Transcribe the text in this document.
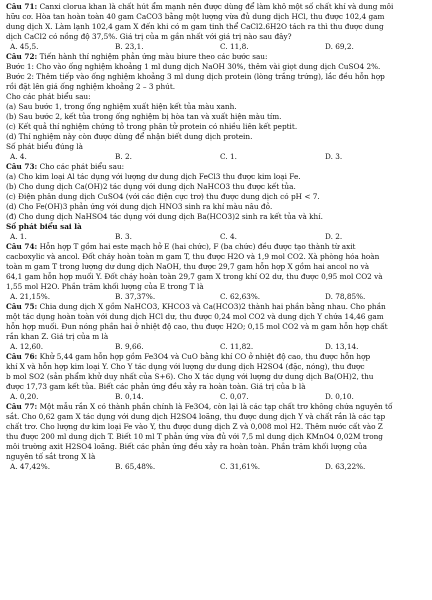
Câu 71: Canxi clorua khan là chất hút ẩm mạnh nên được dùng để làm khô một số chất khí và dung môi
hữu cơ. Hòa tan hoàn toàn 40 gam CaCO3 bằng một lượng vừa đủ dung dịch HCl, thu được 102,4 gam
dung dịch X. Làm lạnh 102,4 gam X đến khi có m gam tinh thể CaCl2.6H2O tách ra thì thu được dung
dịch CaCl2 có nồng độ 37,5%. Giá trị của m gần nhất với giá trị nào sau đây?
A. 45,5.	B. 23,1.	C. 11,8.	D. 69,2.
Câu 72: Tiến hành thí nghiệm phản ứng màu biure theo các bước sau:
Bước 1: Cho vào ống nghiệm khoảng 1 ml dung dịch NaOH 30%, thêm vài giọt dung dịch CuSO4 2%.
Bước 2: Thêm tiếp vào ống nghiệm khoảng 3 ml dung dịch protein (lòng trắng trứng), lắc đều hỗn hợp
rồi đặt lên giá ống nghiệm khoảng 2 – 3 phút.
Cho các phát biểu sau:
(a) Sau bước 1, trong ống nghiệm xuất hiện kết tủa màu xanh.
(b) Sau bước 2, kết tủa trong ống nghiệm bị hòa tan và xuất hiện màu tím.
(c) Kết quả thí nghiệm chứng tỏ trong phân tử protein có nhiều liên kết peptit.
(d) Thí nghiệm này còn được dùng để nhận biết dung dịch protein.
Số phát biểu đúng là
A. 4.	B. 2.	C. 1.	D. 3.
Câu 73: Cho các phát biểu sau:
(a) Cho kim loại Al tác dụng với lượng dư dung dịch FeCl3 thu được kim loại Fe.
(b) Cho dung dịch Ca(OH)2 tác dụng với dung dịch NaHCO3 thu được kết tủa.
(c) Điện phân dung dịch CuSO4 (với các điện cực trơ) thu được dung dịch có pH < 7.
(d) Cho Fe(OH)3 phản ứng với dung dịch HNO3 sinh ra khí màu nâu đỏ.
(đ) Cho dung dịch NaHSO4 tác dụng với dung dịch Ba(HCO3)2 sinh ra kết tủa và khí.
Số phát biểu sai là
A. 1.	B. 3.	C. 4.	D. 2.
Câu 74: Hỗn hợp T gồm hai este mạch hở E (hai chức), F (ba chức) đều được tạo thành từ axit
cacboxylic và ancol. Đốt cháy hoàn toàn m gam T, thu được H2O và 1,9 mol CO2. Xà phòng hóa hoàn
toàn m gam T trong lượng dư dung dịch NaOH, thu được 29,7 gam hỗn hợp X gồm hai ancol no và
64,1 gam hỗn hợp muối Y. Đốt cháy hoàn toàn 29,7 gam X trong khí O2 dư, thu được 0,95 mol CO2 và
1,55 mol H2O. Phần trăm khối lượng của E trong T là
A. 21,15%.	B. 37,37%.	C. 62,63%.	D. 78,85%.
Câu 75: Chia dung dịch X gồm NaHCO3, KHCO3 và Ca(HCO3)2 thành hai phần bằng nhau. Cho phần
một tác dụng hoàn toàn với dung dịch HCl dư, thu được 0,24 mol CO2 và dung dịch Y chứa 14,46 gam
hỗn hợp muối. Đun nóng phần hai ở nhiệt độ cao, thu được H2O; 0,15 mol CO2 và m gam hỗn hợp chất
rắn khan Z. Giá trị của m là
A. 12,60.	B. 9,66.	C. 11,82.	D. 13,14.
Câu 76: Khử 5,44 gam hỗn hợp gồm Fe3O4 và CuO bằng khí CO ở nhiệt độ cao, thu được hỗn hợp
khí X và hỗn hợp kim loại Y. Cho Y tác dụng với lượng dư dung dịch H2SO4 (đặc, nóng), thu được
b mol SO2 (sản phẩm khử duy nhất của S+6). Cho X tác dụng với lượng dư dung dịch Ba(OH)2, thu
được 17,73 gam kết tủa. Biết các phản ứng đều xảy ra hoàn toàn. Giá trị của b là
A. 0,20.	B. 0,14.	C. 0,07.	D. 0,10.
Câu 77: Một mẫu rắn X có thành phần chính là Fe3O4, còn lại là các tạp chất trơ không chứa nguyên tố
sắt. Cho 0,62 gam X tác dụng với dung dịch H2SO4 loãng, thu được dung dịch Y và chất rắn là các tạp
chất trơ. Cho lượng dư kim loại Fe vào Y, thu được dung dịch Z và 0,008 mol H2. Thêm nước cất vào Z
thu được 200 ml dung dịch T. Biết 10 ml T phản ứng vừa đủ với 7,5 ml dung dịch KMnO4 0,02M trong
môi trường axit H2SO4 loãng. Biết các phản ứng đều xảy ra hoàn toàn. Phần trăm khối lượng của
nguyên tố sắt trong X là
A. 47,42%.	B. 65,48%.	C. 31,61%.	D. 63,22%.
